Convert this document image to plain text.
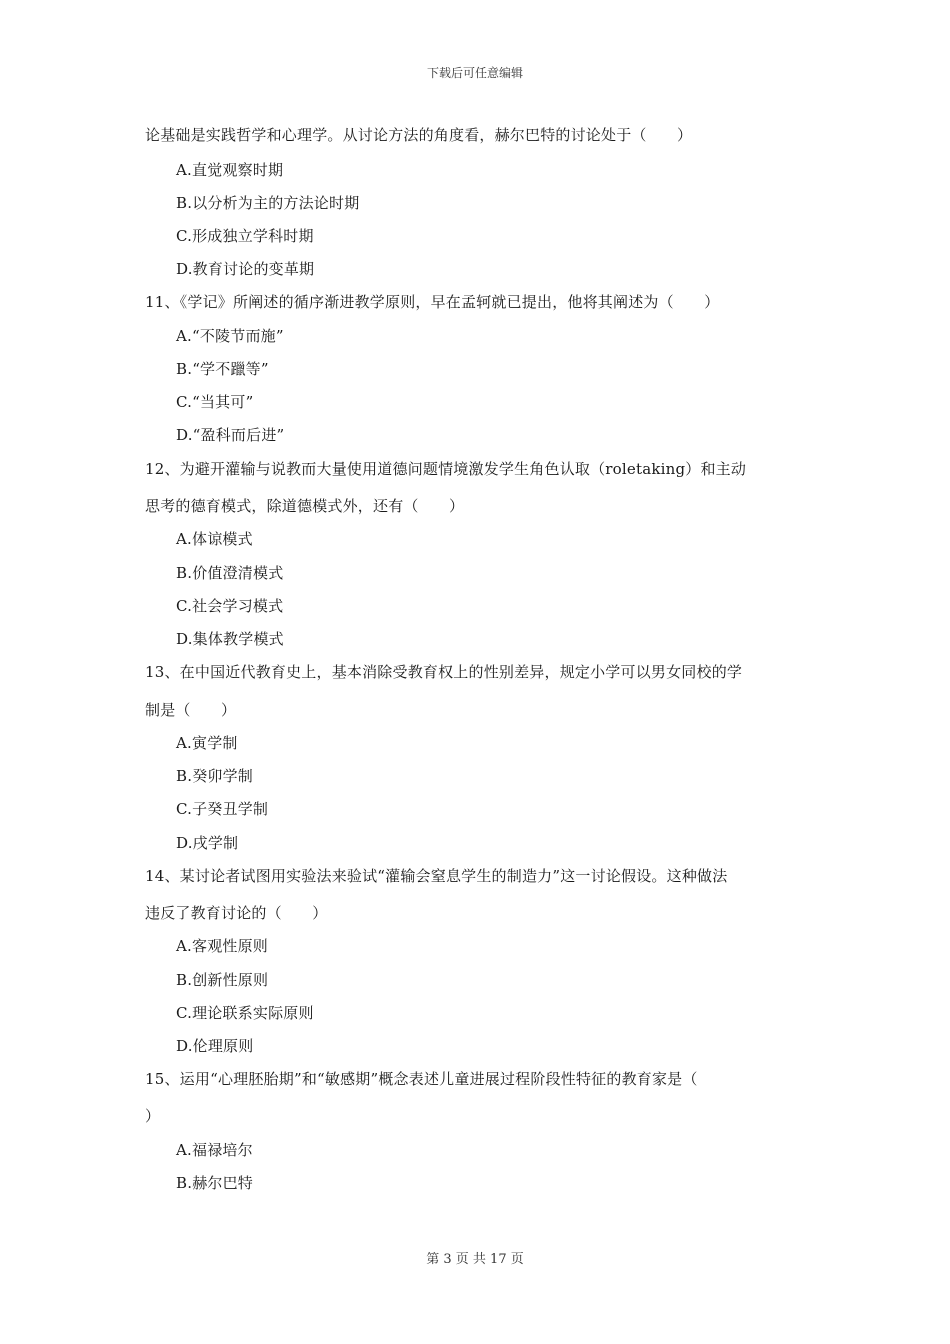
下载后可任意编辑
论基础是实践哲学和心理学。从讨论方法的角度看，赫尔巴特的讨论处于（　　）
A.直觉观察时期
B.以分析为主的方法论时期
C.形成独立学科时期
D.教育讨论的变革期
11、《学记》所阐述的循序渐进教学原则，早在孟轲就已提出，他将其阐述为（　　）
A.“不陵节而施”
B.“学不躐等”
C.“当其可”
D.“盈科而后进”
12、为避开灌输与说教而大量使用道德问题情境激发学生角色认取（roletaking）和主动
思考的德育模式，除道德模式外，还有（　　）
A.体谅模式
B.价值澄清模式
C.社会学习模式
D.集体教学模式
13、在中国近代教育史上，基本消除受教育权上的性别差异，规定小学可以男女同校的学
制是（　　）
A.寅学制
B.癸卯学制
C.子癸丑学制
D.戌学制
14、某讨论者试图用实验法来验试“灌输会窒息学生的制造力”这一讨论假设。这种做法
违反了教育讨论的（　　）
A.客观性原则
B.创新性原则
C.理论联系实际原则
D.伦理原则
15、运用“心理胚胎期”和“敏感期”概念表述儿童进展过程阶段性特征的教育家是（
）
A.福禄培尔
B.赫尔巴特
第 3 页 共 17 页
